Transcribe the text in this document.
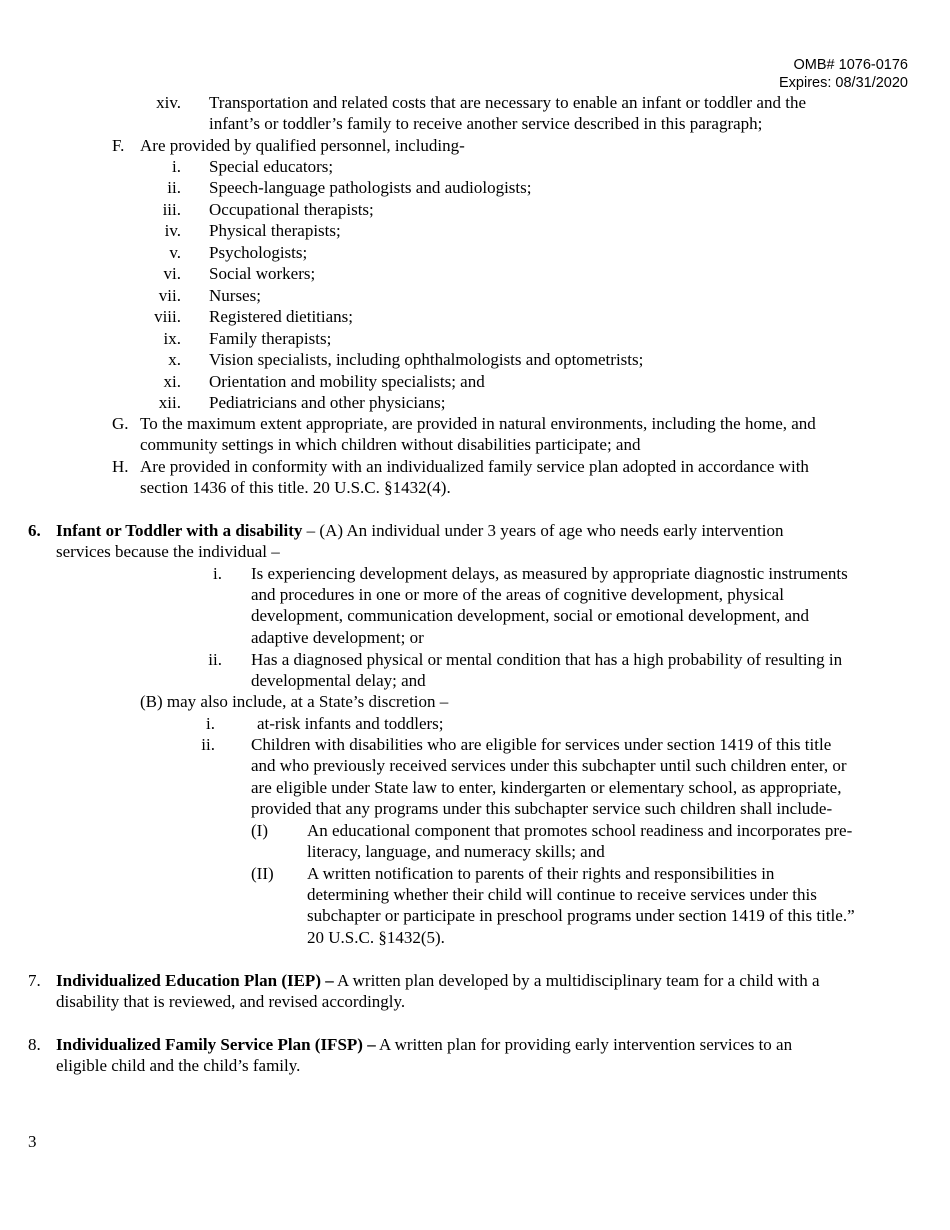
OMB# 1076-0176
Expires: 08/31/2020
xiv. Transportation and related costs that are necessary to enable an infant or toddler and the
infant’s or toddler’s family to receive another service described in this paragraph;
F. Are provided by qualified personnel, including-
i. Special educators;
ii. Speech-language pathologists and audiologists;
iii. Occupational therapists;
iv. Physical therapists;
v. Psychologists;
vi. Social workers;
vii. Nurses;
viii. Registered dietitians;
ix. Family therapists;
x. Vision specialists, including ophthalmologists and optometrists;
xi. Orientation and mobility specialists; and
xii. Pediatricians and other physicians;
G. To the maximum extent appropriate, are provided in natural environments, including the home, and
community settings in which children without disabilities participate; and
H. Are provided in conformity with an individualized family service plan adopted in accordance with
section 1436 of this title. 20 U.S.C. §1432(4).
6. Infant or Toddler with a disability – (A) An individual under 3 years of age who needs early intervention
services because the individual –
i. Is experiencing development delays, as measured by appropriate diagnostic instruments
and procedures in one or more of the areas of cognitive development, physical
development, communication development, social or emotional development, and
adaptive development; or
ii. Has a diagnosed physical or mental condition that has a high probability of resulting in
developmental delay; and
(B) may also include, at a State’s discretion –
i. at-risk infants and toddlers;
ii. Children with disabilities who are eligible for services under section 1419 of this title
and who previously received services under this subchapter until such children enter, or
are eligible under State law to enter, kindergarten or elementary school, as appropriate,
provided that any programs under this subchapter service such children shall include-
(I) An educational component that promotes school readiness and incorporates pre-
literacy, language, and numeracy skills; and
(II) A written notification to parents of their rights and responsibilities in
determining whether their child will continue to receive services under this
subchapter or participate in preschool programs under section 1419 of this title.”
20 U.S.C. §1432(5).
7. Individualized Education Plan (IEP) – A written plan developed by a multidisciplinary team for a child with a
disability that is reviewed, and revised accordingly.
8. Individualized Family Service Plan (IFSP) – A written plan for providing early intervention services to an
eligible child and the child’s family.
3
